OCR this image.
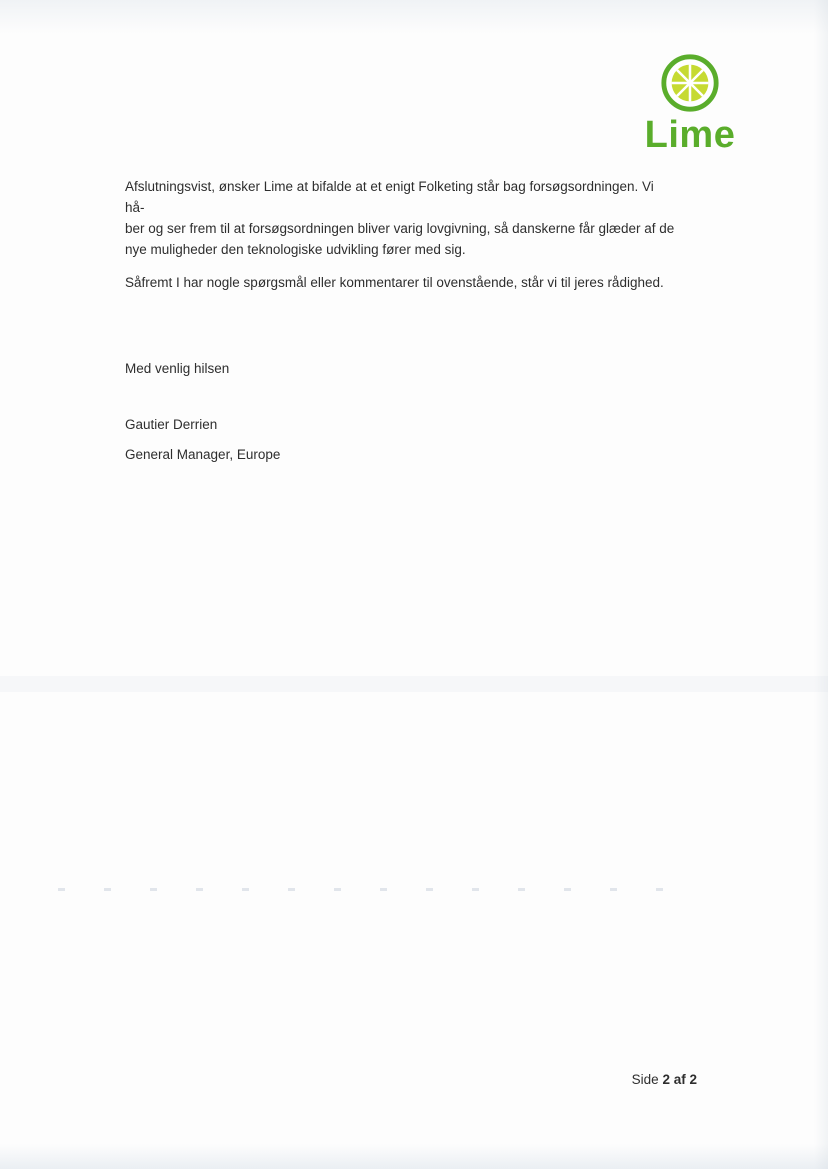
Lime
Afslutningsvist, ønsker Lime at bifalde at et enigt Folketing står bag forsøgsordningen. Vi hå-
ber og ser frem til at forsøgsordningen bliver varig lovgivning, så danskerne får glæder af de
nye muligheder den teknologiske udvikling fører med sig.
Såfremt I har nogle spørgsmål eller kommentarer til ovenstående, står vi til jeres rådighed.
Med venlig hilsen
Gautier Derrien
General Manager, Europe
Side 2 af 2
